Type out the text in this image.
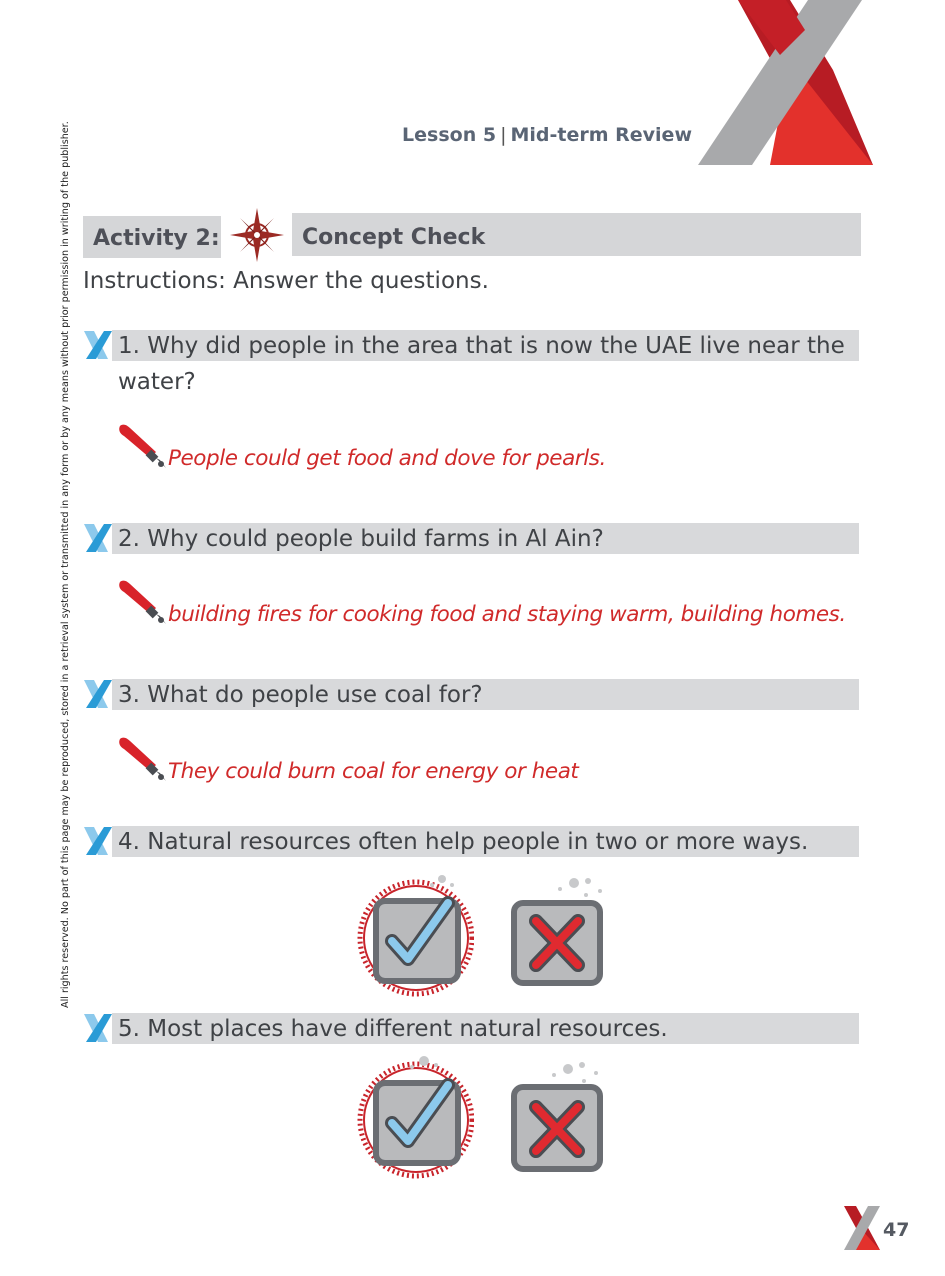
Lesson 5 | Mid-term Review
Activity 2:	Concept Check
Instructions: Answer the questions.
All rights reserved. No part of this page may be reproduced, stored in a retrieval system or transmitted in any form or by any means without prior permission in writing of the publisher. 1. Why did people in the area that is now the UAE live near the
water?
People could get food and dove for pearls.
2. Why could people build farms in Al Ain?
building fires for cooking food and staying warm, building homes.
3. What do people use coal for?
They could burn coal for energy or heat
4. Natural resources often help people in two or more ways.
5. Most places have different natural resources.
47
